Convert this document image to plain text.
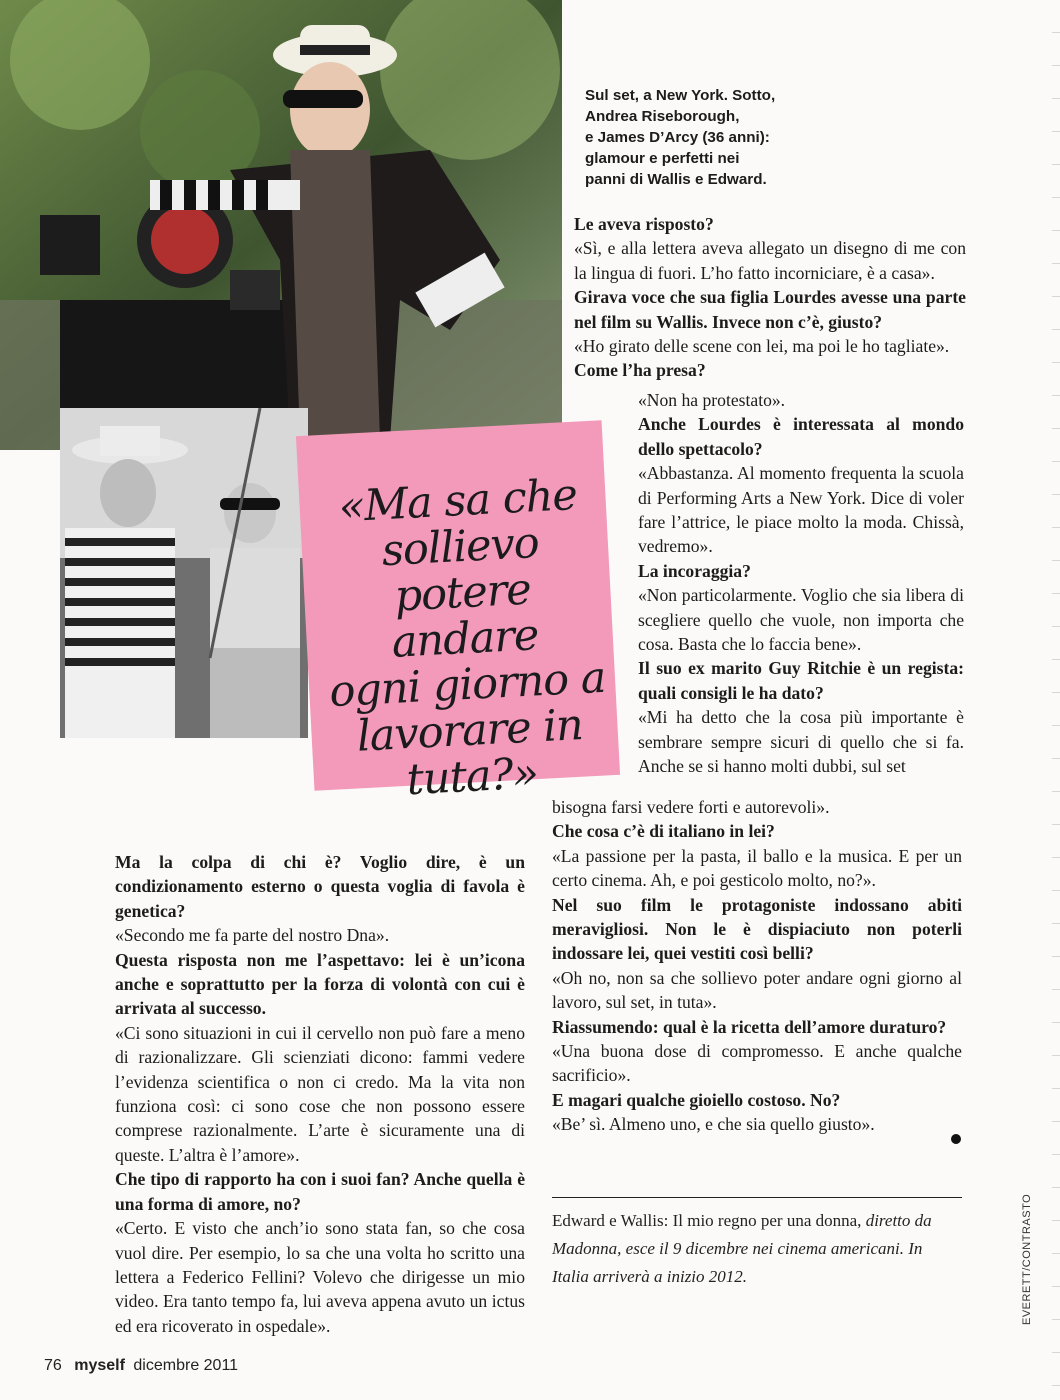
Sul set, a New York. Sotto,
Andrea Riseborough,
e James D’Arcy (36 anni):
glamour e perfetti nei
panni di Wallis e Edward.
«Ma sa che
sollievo
potere andare
ogni giorno a
lavorare in
tuta?»

Le aveva risposto?

«Sì, e alla lettera aveva allegato un disegno di me con la lingua di fuori. L’ho fatto incorniciare, è a casa».

Girava voce che sua figlia Lourdes avesse una parte nel film su Wallis. Invece non c’è, giusto?

«Ho girato delle scene con lei, ma poi le ho tagliate».

Come l’ha presa?

«Non ha protestato».

Anche Lourdes è interessata al mondo dello spettacolo?

«Abbastanza. Al momento frequenta la scuola di Performing Arts a New York. Dice di voler fare l’attrice, le piace molto la moda. Chissà, vedremo».

La incoraggia?

«Non particolarmente. Voglio che sia libera di scegliere quello che vuole, non importa che cosa. Basta che lo faccia bene».

Il suo ex marito Guy Ritchie è un regista: quali consigli le ha dato?

«Mi ha detto che la cosa più importante è sembrare sempre sicuri di quello che si fa. Anche se si hanno molti dubbi, sul set

bisogna farsi vedere forti e autorevoli».

Che cosa c’è di italiano in lei?

«La passione per la pasta, il ballo e la musica. E per un certo cinema. Ah, e poi gesticolo molto, no?».

Nel suo film le protagoniste indossano abiti meravigliosi. Non le è dispiaciuto non poterli indossare lei, quei vestiti così belli?

«Oh no, non sa che sollievo poter andare ogni giorno al lavoro, sul set, in tuta».

Riassumendo: qual è la ricetta dell’amore duraturo?

«Una buona dose di compromesso. E anche qualche sacrificio».

E magari qualche gioiello costoso. No?

«Be’ sì. Almeno uno, e che sia quello giusto».

Ma la colpa di chi è? Voglio dire, è un condizionamento esterno o questa voglia di favola è genetica?

«Secondo me fa parte del nostro Dna».

Questa risposta non me l’aspettavo: lei è un’icona anche e soprattutto per la forza di volontà con cui è arrivata al successo.

«Ci sono situazioni in cui il cervello non può fare a meno di razionalizzare. Gli scienziati dicono: fammi vedere l’evidenza scientifica o non ci credo. Ma la vita non funziona così: ci sono cose che non possono essere comprese razionalmente. L’arte è sicuramente una di queste. L’altra è l’amore».

Che tipo di rapporto ha con i suoi fan? Anche quella è una forma di amore, no?

«Certo. E visto che anch’io sono stata fan, so che cosa vuol dire. Per esempio, lo sa che una volta ho scritto una lettera a Federico Fellini? Volevo che dirigesse un mio video. Era tanto tempo fa, lui aveva appena avuto un ictus ed era ricoverato in ospedale».

Edward e Wallis: Il mio regno per una donna, diretto da Madonna, esce il 9 dicembre nei cinema americani. In Italia arriverà a inizio 2012.	EVERETT/CONTRASTO
76 myself dicembre 2011
